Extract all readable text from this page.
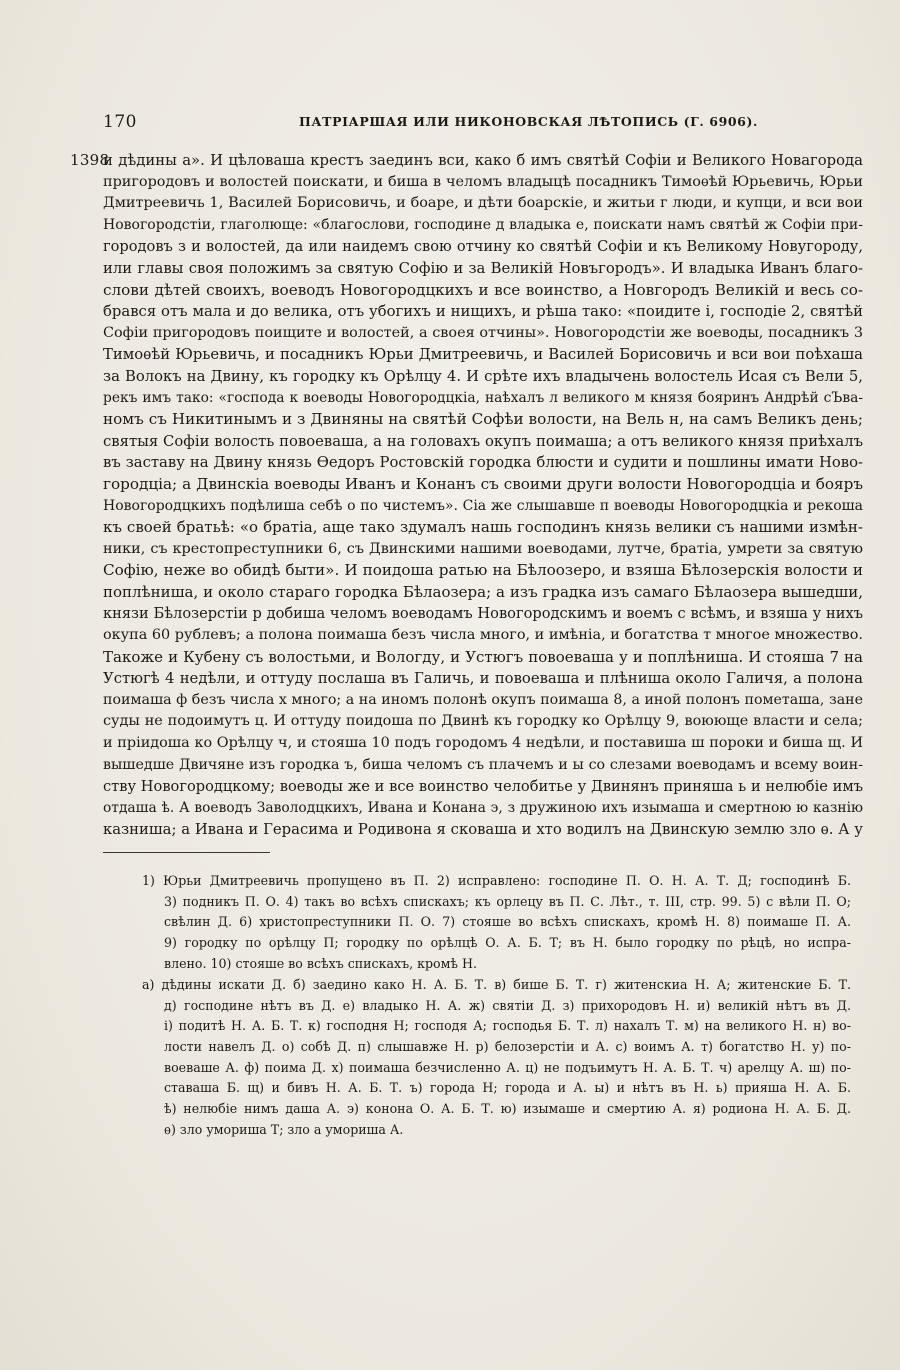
170	ПАТРІАРШАЯ ИЛИ НИКОНОВСКАЯ ЛѢТОПИСЬ (Г. 6906).
1398
и дѣдины а». И цѣловаша крестъ заединъ вси, како б имъ святѣй Софіи и Великого Новагорода
пригородовъ и волостей поискати, и биша в челомъ владыцѣ посадникъ Тимоѳѣй Юрьевичь, Юрьи
Дмитреевичь 1, Василей Борисовичь, и боаре, и дѣти боарскіе, и житьи г люди, и купци, и вси вои
Новогородстіи, глаголюще: «благослови, господине д владыка е, поискати намъ святѣй ж Софіи при-
городовъ з и волостей, да или наидемъ свою отчину ко святѣй Софіи и къ Великому Новугороду,
или главы своя положимъ за святую Софію и за Великій Новъгородъ». И владыка Иванъ благо-
слови дѣтей своихъ, воеводъ Новогородцкихъ и все воинство, а Новгородъ Великій и весь со-
брався отъ мала и до велика, отъ убогихъ и нищихъ, и рѣша тако: «поидите і, господіе 2, святѣй
Софіи пригородовъ поищите и волостей, а своея отчины». Новогородстіи же воеводы, посадникъ 3
Тимоѳѣй Юрьевичь, и посадникъ Юрьи Дмитреевичь, и Василей Борисовичь и вси вои поѣхаша
за Волокъ на Двину, къ городку къ Орѣлцу 4. И срѣте ихъ владычень волостель Исая съ Вели 5,
рекъ имъ тако: «господа к воеводы Новогородцкіа, наѣхалъ л великого м князя бояринъ Андрѣй сЪва-
номъ съ Никитинымъ и з Двиняны на святѣй Софѣи волости, на Вель н, на самъ Великъ день;
святыя Софіи волость повоеваша, а на головахъ окупъ поимаша; а отъ великого князя приѣхалъ
въ заставу на Двину князь Ѳедоръ Ростовскій городка блюсти и судити и пошлины имати Ново-
городціа; а Двинскіа воеводы Иванъ и Конанъ съ своими други волости Новогородціа и бояръ
Новогородцкихъ подѣлиша себѣ о по чистемъ». Сіа же слышавше п воеводы Новогородцкіа и рекоша
къ своей братьѣ: «о братіа, аще тако здумалъ нашь господинъ князь велики съ нашими измѣн-
ники, съ крестопреступники 6, съ Двинскими нашими воеводами, лутче, братіа, умрети за святую
Софію, неже во обидѣ быти». И поидоша ратью на Бѣлоозеро, и взяша Бѣлозерскія волости и
поплѣниша, и около стараго городка Бѣлаозера; а изъ градка изъ самаго Бѣлаозера вышедши,
князи Бѣлозерстіи р добиша челомъ воеводамъ Новогородскимъ и воемъ с всѣмъ, и взяша у нихъ
окупа 60 рублевъ; а полона поимаша безъ числа много, и имѣніа, и богатства т многое множество.
Такоже и Кубену съ волостьми, и Вологду, и Устюгъ повоеваша у и поплѣниша. И стояша 7 на
Устюгѣ 4 недѣли, и оттуду послаша въ Галичь, и повоеваша и плѣниша около Галичя, а полона
поимаша ф безъ числа х много; а на иномъ полонѣ окупъ поимаша 8, а иной полонъ пометаша, зане
суды не подоимутъ ц. И оттуду поидоша по Двинѣ къ городку ко Орѣлцу 9, воююще власти и села;
и пріидоша ко Орѣлцу ч, и стояша 10 подъ городомъ 4 недѣли, и поставиша ш пороки и биша щ. И
вышедше Двичяне изъ городка ъ, биша челомъ съ плачемъ и ы со слезами воеводамъ и всему воин-
ству Новогородцкому; воеводы же и все воинство челобитье у Двинянъ приняша ь и нелюбіе имъ
отдаша ѣ. А воеводъ Заволодцкихъ, Ивана и Конана э, з дружиною ихъ изымаша и смертною ю казнію
казниша; а Ивана и Герасима и Родивона я сковаша и хто водилъ на Двинскую землю зло ѳ. А у
1) Юрьи Дмитреевичь пропущено въ П. 2) исправлено: господине П. О. Н. А. Т. Д; господинѣ Б.
3) подникъ П. О. 4) такъ во всѣхъ спискахъ; къ орлецу въ П. С. Лѣт., т. III, стр. 99. 5) с вѣли П. О;
свѣлин Д. 6) христопреступники П. О. 7) стояше во всѣхъ спискахъ, кромѣ Н. 8) поимаше П. А.
9) городку по орѣлцу П; городку по орѣлцѣ О. А. Б. Т; въ Н. было городку по рѣцѣ, но испра-
влено. 10) стояше во всѣхъ спискахъ, кромѣ Н.
а) дѣдины искати Д. б) заедино како Н. А. Б. Т. в) бише Б. Т. г) житенскиа Н. А; житенские Б. Т.
д) господине нѣтъ въ Д. е) владыко Н. А. ж) святіи Д. з) прихородовъ Н. и) великій нѣтъ въ Д.
і) подитѣ Н. А. Б. Т. к) господня Н; господя А; господья Б. Т. л) нахалъ Т. м) на великого Н. н) во-
лости навелъ Д. о) собѣ Д. п) слышавже Н. р) белозерстіи и А. с) воимъ А. т) богатство Н. у) по-
воеваше А. ф) поима Д. х) поимаша безчисленно А. ц) не подъимутъ Н. А. Б. Т. ч) арелцу А. ш) по-
ставаша Б. щ) и бивъ Н. А. Б. Т. ъ) города Н; города и А. ы) и нѣтъ въ Н. ь) прияша Н. А. Б.
ѣ) нелюбіе нимъ даша А. э) конона О. А. Б. Т. ю) изымаше и смертию А. я) родиона Н. А. Б. Д.
ѳ) зло уморишa Т; зло а умориша А.
